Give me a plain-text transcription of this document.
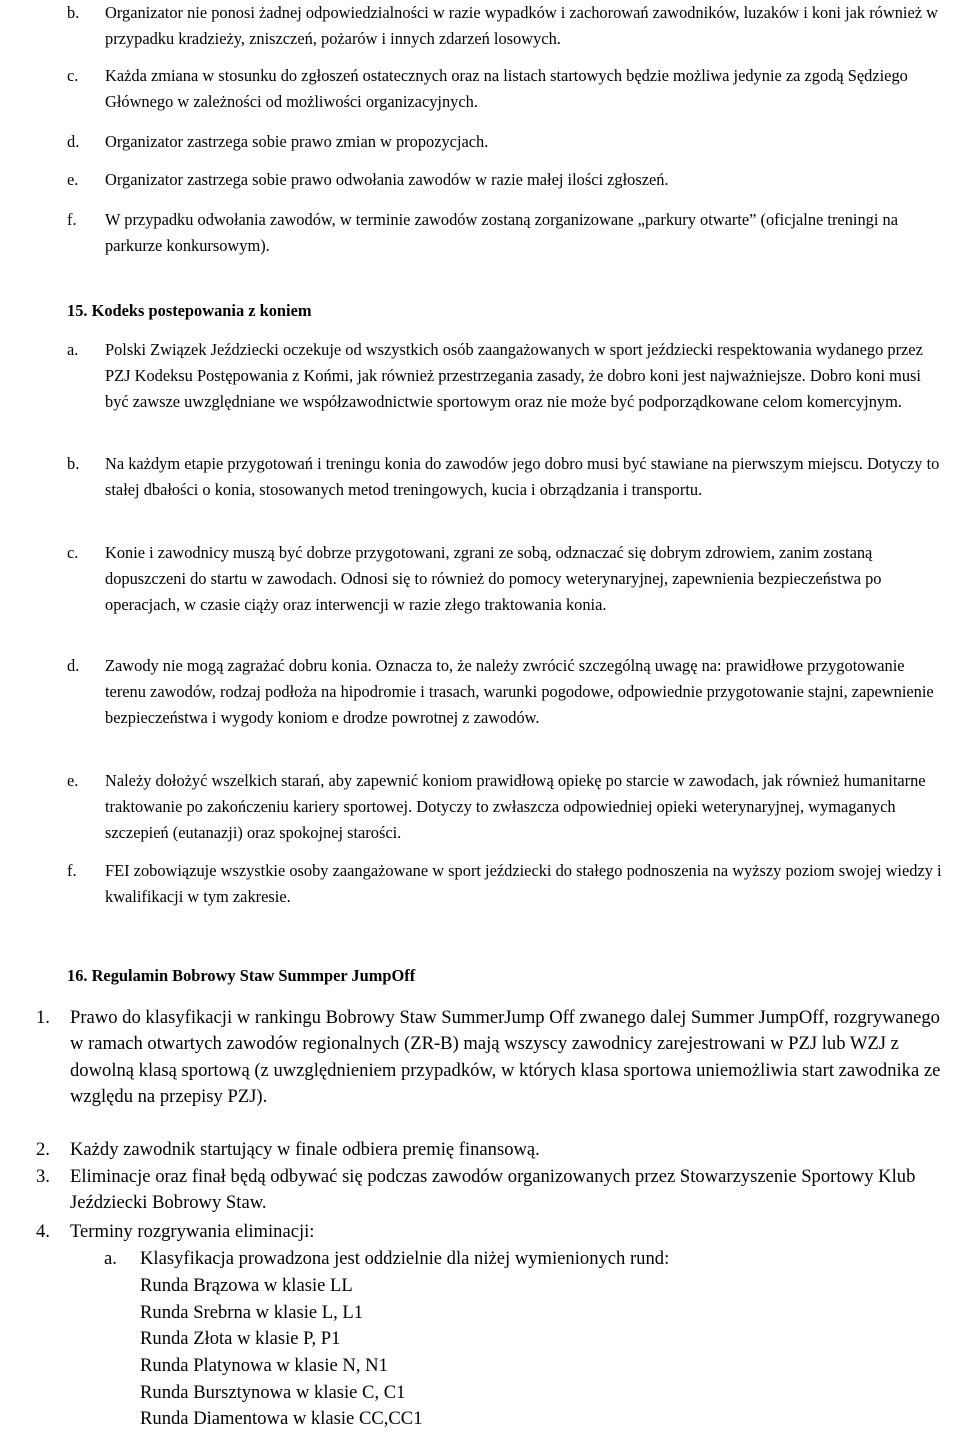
b. Organizator nie ponosi żadnej odpowiedzialności w razie wypadków i zachorowań zawodników, luzaków i koni jak również w przypadku kradzieży, zniszczeń, pożarów i innych zdarzeń losowych.
c. Każda zmiana w stosunku do zgłoszeń ostatecznych oraz na listach startowych będzie możliwa jedynie za zgodą Sędziego Głównego w zależności od możliwości organizacyjnych.
d. Organizator zastrzega sobie prawo zmian w propozycjach.
e. Organizator zastrzega sobie prawo odwołania zawodów w razie małej ilości zgłoszeń.
f. W przypadku odwołania zawodów, w terminie zawodów zostaną zorganizowane „parkury otwarte” (oficjalne treningi na parkurze konkursowym).
15. Kodeks postepowania z koniem
a. Polski Związek Jeździecki oczekuje od wszystkich osób zaangażowanych w sport jeździecki respektowania wydanego przez PZJ Kodeksu Postępowania z Końmi, jak również przestrzegania zasady, że dobro koni jest najważniejsze. Dobro koni musi być zawsze uwzględniane we współzawodnictwie sportowym oraz nie może być podporządkowane celom komercyjnym.
b. Na każdym etapie przygotowań i treningu konia do zawodów jego dobro musi być stawiane na pierwszym miejscu. Dotyczy to stałej dbałości o konia, stosowanych metod treningowych, kucia i obrządzania i transportu.
c. Konie i zawodnicy muszą być dobrze przygotowani, zgrani ze sobą, odznaczać się dobrym zdrowiem, zanim zostaną dopuszczeni do startu w zawodach. Odnosi się to również do pomocy weterynaryjnej, zapewnienia bezpieczeństwa po operacjach, w czasie ciąży oraz interwencji w razie złego traktowania konia.
d. Zawody nie mogą zagrażać dobru konia. Oznacza to, że należy zwrócić szczególną uwagę na: prawidłowe przygotowanie terenu zawodów, rodzaj podłoża na hipodromie i trasach, warunki pogodowe, odpowiednie przygotowanie stajni, zapewnienie bezpieczeństwa i wygody koniom e drodze powrotnej z zawodów.
e. Należy dołożyć wszelkich starań, aby zapewnić koniom prawidłową opiekę po starcie w zawodach, jak również humanitarne traktowanie po zakończeniu kariery sportowej. Dotyczy to zwłaszcza odpowiedniej opieki weterynaryjnej, wymaganych szczepień (eutanazji) oraz spokojnej starości.
f. FEI zobowiązuje wszystkie osoby zaangażowane w sport jeździecki do stałego podnoszenia na wyższy poziom swojej wiedzy i kwalifikacji w tym zakresie.
16. Regulamin Bobrowy Staw Summper JumpOff
1. Prawo do klasyfikacji w rankingu Bobrowy Staw SummerJump Off zwanego dalej Summer JumpOff, rozgrywanego w ramach otwartych zawodów regionalnych (ZR-B) mają wszyscy zawodnicy zarejestrowani w PZJ lub WZJ z dowolną klasą sportową (z uwzględnieniem przypadków, w których klasa sportowa uniemożliwia start zawodnika ze względu na przepisy PZJ).
2. Każdy zawodnik startujący w finale odbiera premię finansową.
3. Eliminacje oraz finał będą odbywać się podczas zawodów organizowanych przez Stowarzyszenie Sportowy Klub Jeździecki Bobrowy Staw.
4. Terminy rozgrywania eliminacji:
a. Klasyfikacja prowadzona jest oddzielnie dla niżej wymienionych rund:
Runda Brązowa w klasie LL
Runda Srebrna w klasie L, L1
Runda Złota w klasie P, P1
Runda Platynowa w klasie N, N1
Runda Bursztynowa w klasie C, C1
Runda Diamentowa w klasie CC,CC1
